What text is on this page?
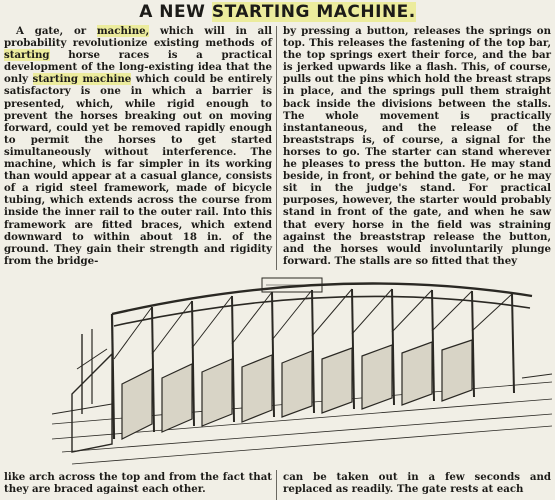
A NEW STARTING MACHINE.

A gate, or machine, which will in all probability revolutionize existing methods of starting horse races is a practical development of the long-existing idea that the only starting machine which could be entirely satisfactory is one in which a barrier is presented, which, while rigid enough to prevent the horses breaking out on moving forward, could yet be removed rapidly enough to permit the horses to get started simultaneously without interference. The machine, which is far simpler in its working than would appear at a casual glance, consists of a rigid steel framework, made of bicycle tubing, which extends across the course from inside the inner rail to the outer rail. Into this framework are fitted braces, which extend downward to within about 18 in. of the ground. They gain their strength and rigidity from the bridge-

by pressing a button, releases the springs on top. This releases the fastening of the top bar, the top springs exert their force, and the bar is jerked upwards like a flash. This, of course, pulls out the pins which hold the breast straps in place, and the springs pull them straight back inside the divisions between the stalls. The whole movement is practically instantaneous, and the release of the breaststraps is, of course, a signal for the horses to go. The starter can stand wherever he pleases to press the button. He may stand beside, in front, or behind the gate, or he may sit in the judge's stand. For practical purposes, however, the starter would probably stand in front of the gate, and when he saw that every horse in the field was straining against the breaststrap release the button, and the horses would involuntarily plunge forward. The stalls are so fitted that they

like arch across the top and from the fact that they are braced against each other.
can be taken out in a few seconds and replaced as readily. The gate rests at each
